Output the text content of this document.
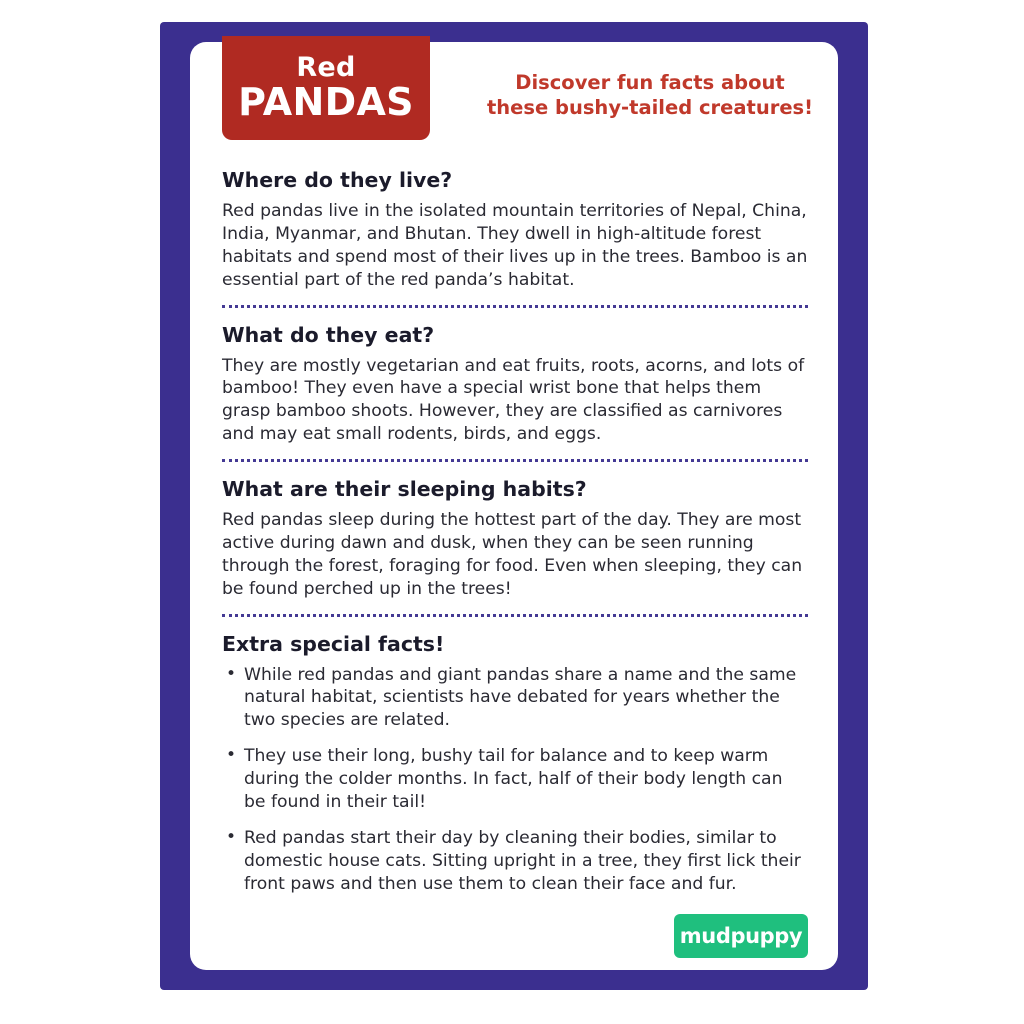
Red
PANDAS	Discover fun facts about
these bushy-tailed creatures!

Where do they live?

Red pandas live in the isolated mountain territories of Nepal, China, India, Myanmar, and Bhutan. They dwell in high-altitude forest habitats and spend most of their lives up in the trees. Bamboo is an essential part of the red panda’s habitat.

What do they eat?

They are mostly vegetarian and eat fruits, roots, acorns, and lots of bamboo! They even have a special wrist bone that helps them grasp bamboo shoots. However, they are classified as carnivores and may eat small rodents, birds, and eggs.

What are their sleeping habits?

Red pandas sleep during the hottest part of the day. They are most active during dawn and dusk, when they can be seen running through the forest, foraging for food. Even when sleeping, they can be found perched up in the trees!

Extra special facts!

• While red pandas and giant pandas share a name and the same natural habitat, scientists have debated for years whether the two species are related.
• They use their long, bushy tail for balance and to keep warm during the colder months. In fact, half of their body length can be found in their tail!
• Red pandas start their day by cleaning their bodies, similar to domestic house cats. Sitting upright in a tree, they first lick their front paws and then use them to clean their face and fur.
mudpuppy
